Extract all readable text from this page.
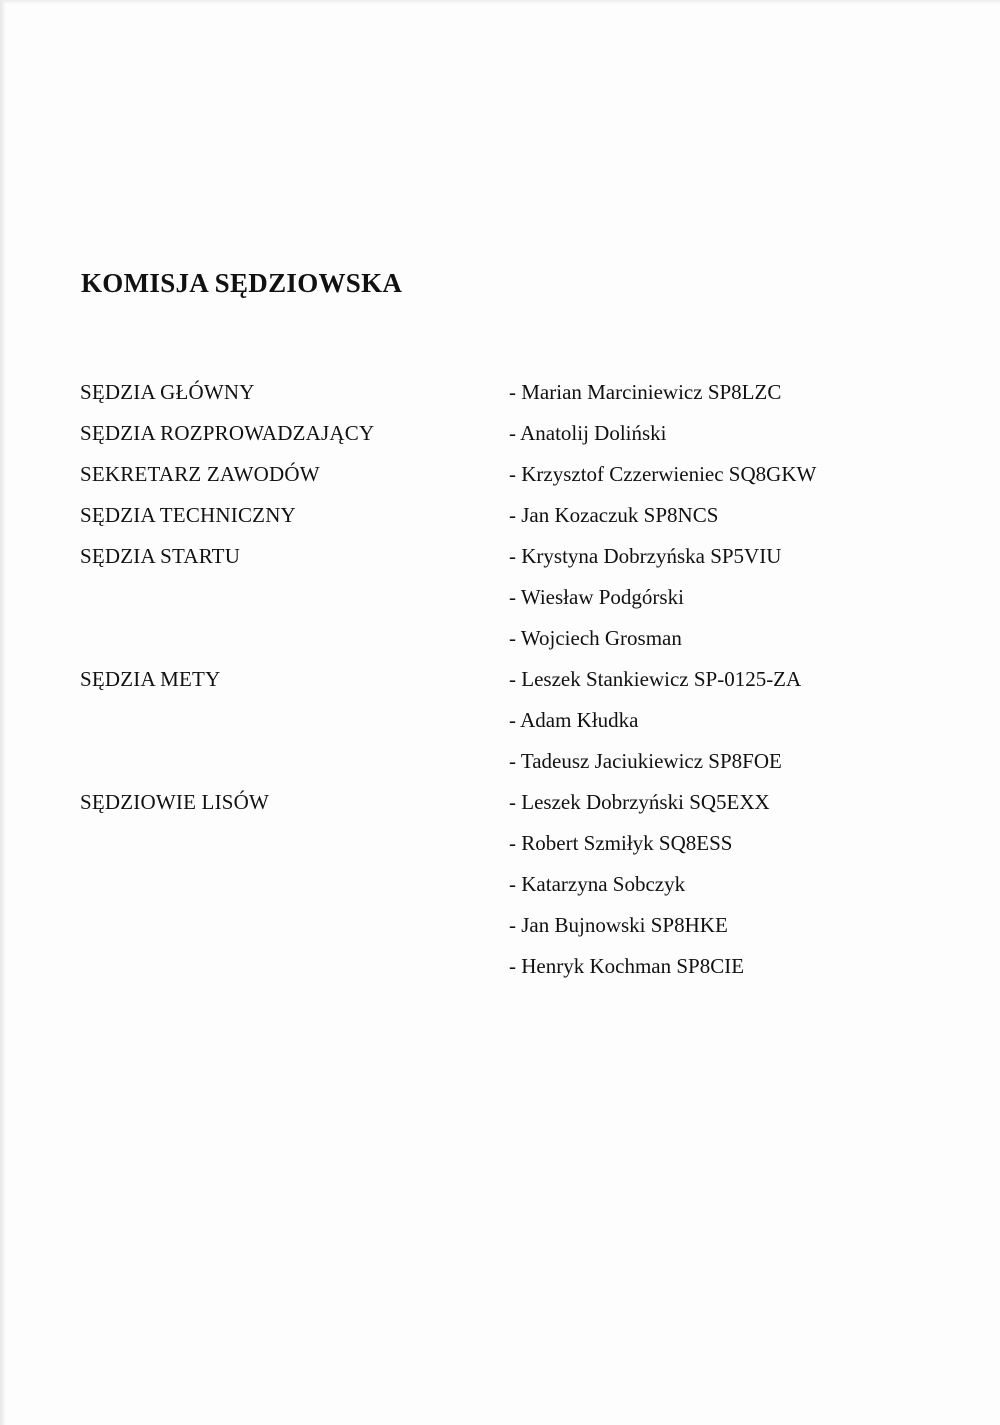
KOMISJA SĘDZIOWSKA
SĘDZIA GŁÓWNY
SĘDZIA ROZPROWADZAJĄCY
SEKRETARZ ZAWODÓW
SĘDZIA TECHNICZNY
SĘDZIA STARTU
SĘDZIA METY
SĘDZIOWIE LISÓW
- Marian Marciniewicz SP8LZC
- Anatolij Doliński
- Krzysztof Czzerwieniec SQ8GKW
- Jan Kozaczuk SP8NCS
- Krystyna Dobrzyńska SP5VIU
- Wiesław Podgórski
- Wojciech Grosman
- Leszek Stankiewicz SP-0125-ZA
- Adam Kłudka
- Tadeusz Jaciukiewicz SP8FOE
- Leszek Dobrzyński SQ5EXX
- Robert Szmiłyk SQ8ESS
- Katarzyna Sobczyk
- Jan Bujnowski SP8HKE
- Henryk Kochman SP8CIE
